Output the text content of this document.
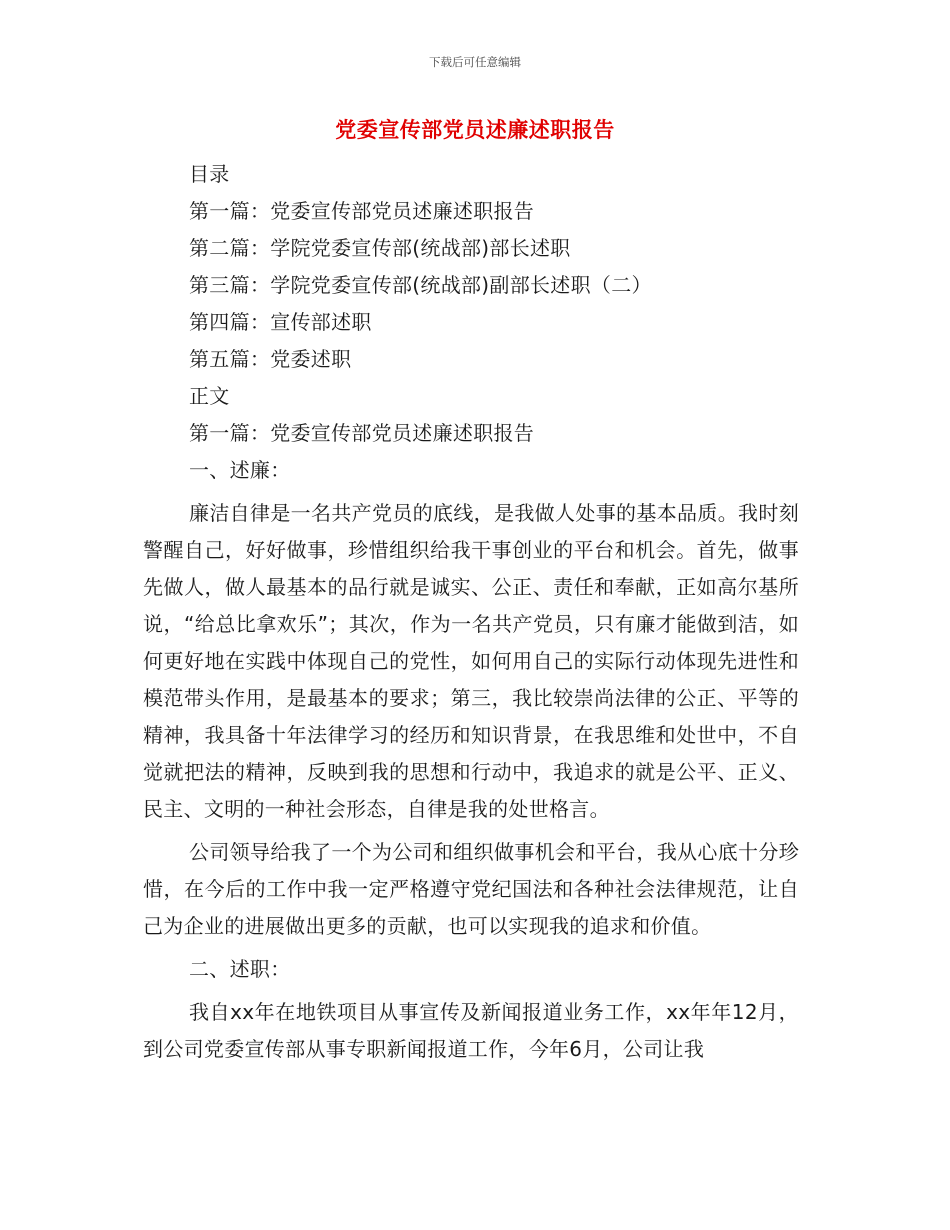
下载后可任意编辑
党委宣传部党员述廉述职报告
目录
第一篇：党委宣传部党员述廉述职报告
第二篇：学院党委宣传部(统战部)部长述职
第三篇：学院党委宣传部(统战部)副部长述职（二）
第四篇：宣传部述职
第五篇：党委述职
正文
第一篇：党委宣传部党员述廉述职报告
一、述廉：
廉洁自律是一名共产党员的底线，是我做人处事的基本品质。我时刻警醒自己，好好做事，珍惜组织给我干事创业的平台和机会。首先，做事先做人，做人最基本的品行就是诚实、公正、责任和奉献，正如高尔基所说，“给总比拿欢乐”；其次，作为一名共产党员，只有廉才能做到洁，如何更好地在实践中体现自己的党性，如何用自己的实际行动体现先进性和模范带头作用，是最基本的要求；第三，我比较崇尚法律的公正、平等的精神，我具备十年法律学习的经历和知识背景，在我思维和处世中，不自觉就把法的精神，反映到我的思想和行动中，我追求的就是公平、正义、民主、文明的一种社会形态，自律是我的处世格言。
公司领导给我了一个为公司和组织做事机会和平台，我从心底十分珍惜，在今后的工作中我一定严格遵守党纪国法和各种社会法律规范，让自己为企业的进展做出更多的贡献，也可以实现我的追求和价值。
二、述职：
我自xx年在地铁项目从事宣传及新闻报道业务工作，xx年年12月，到公司党委宣传部从事专职新闻报道工作，今年6月，公司让我
